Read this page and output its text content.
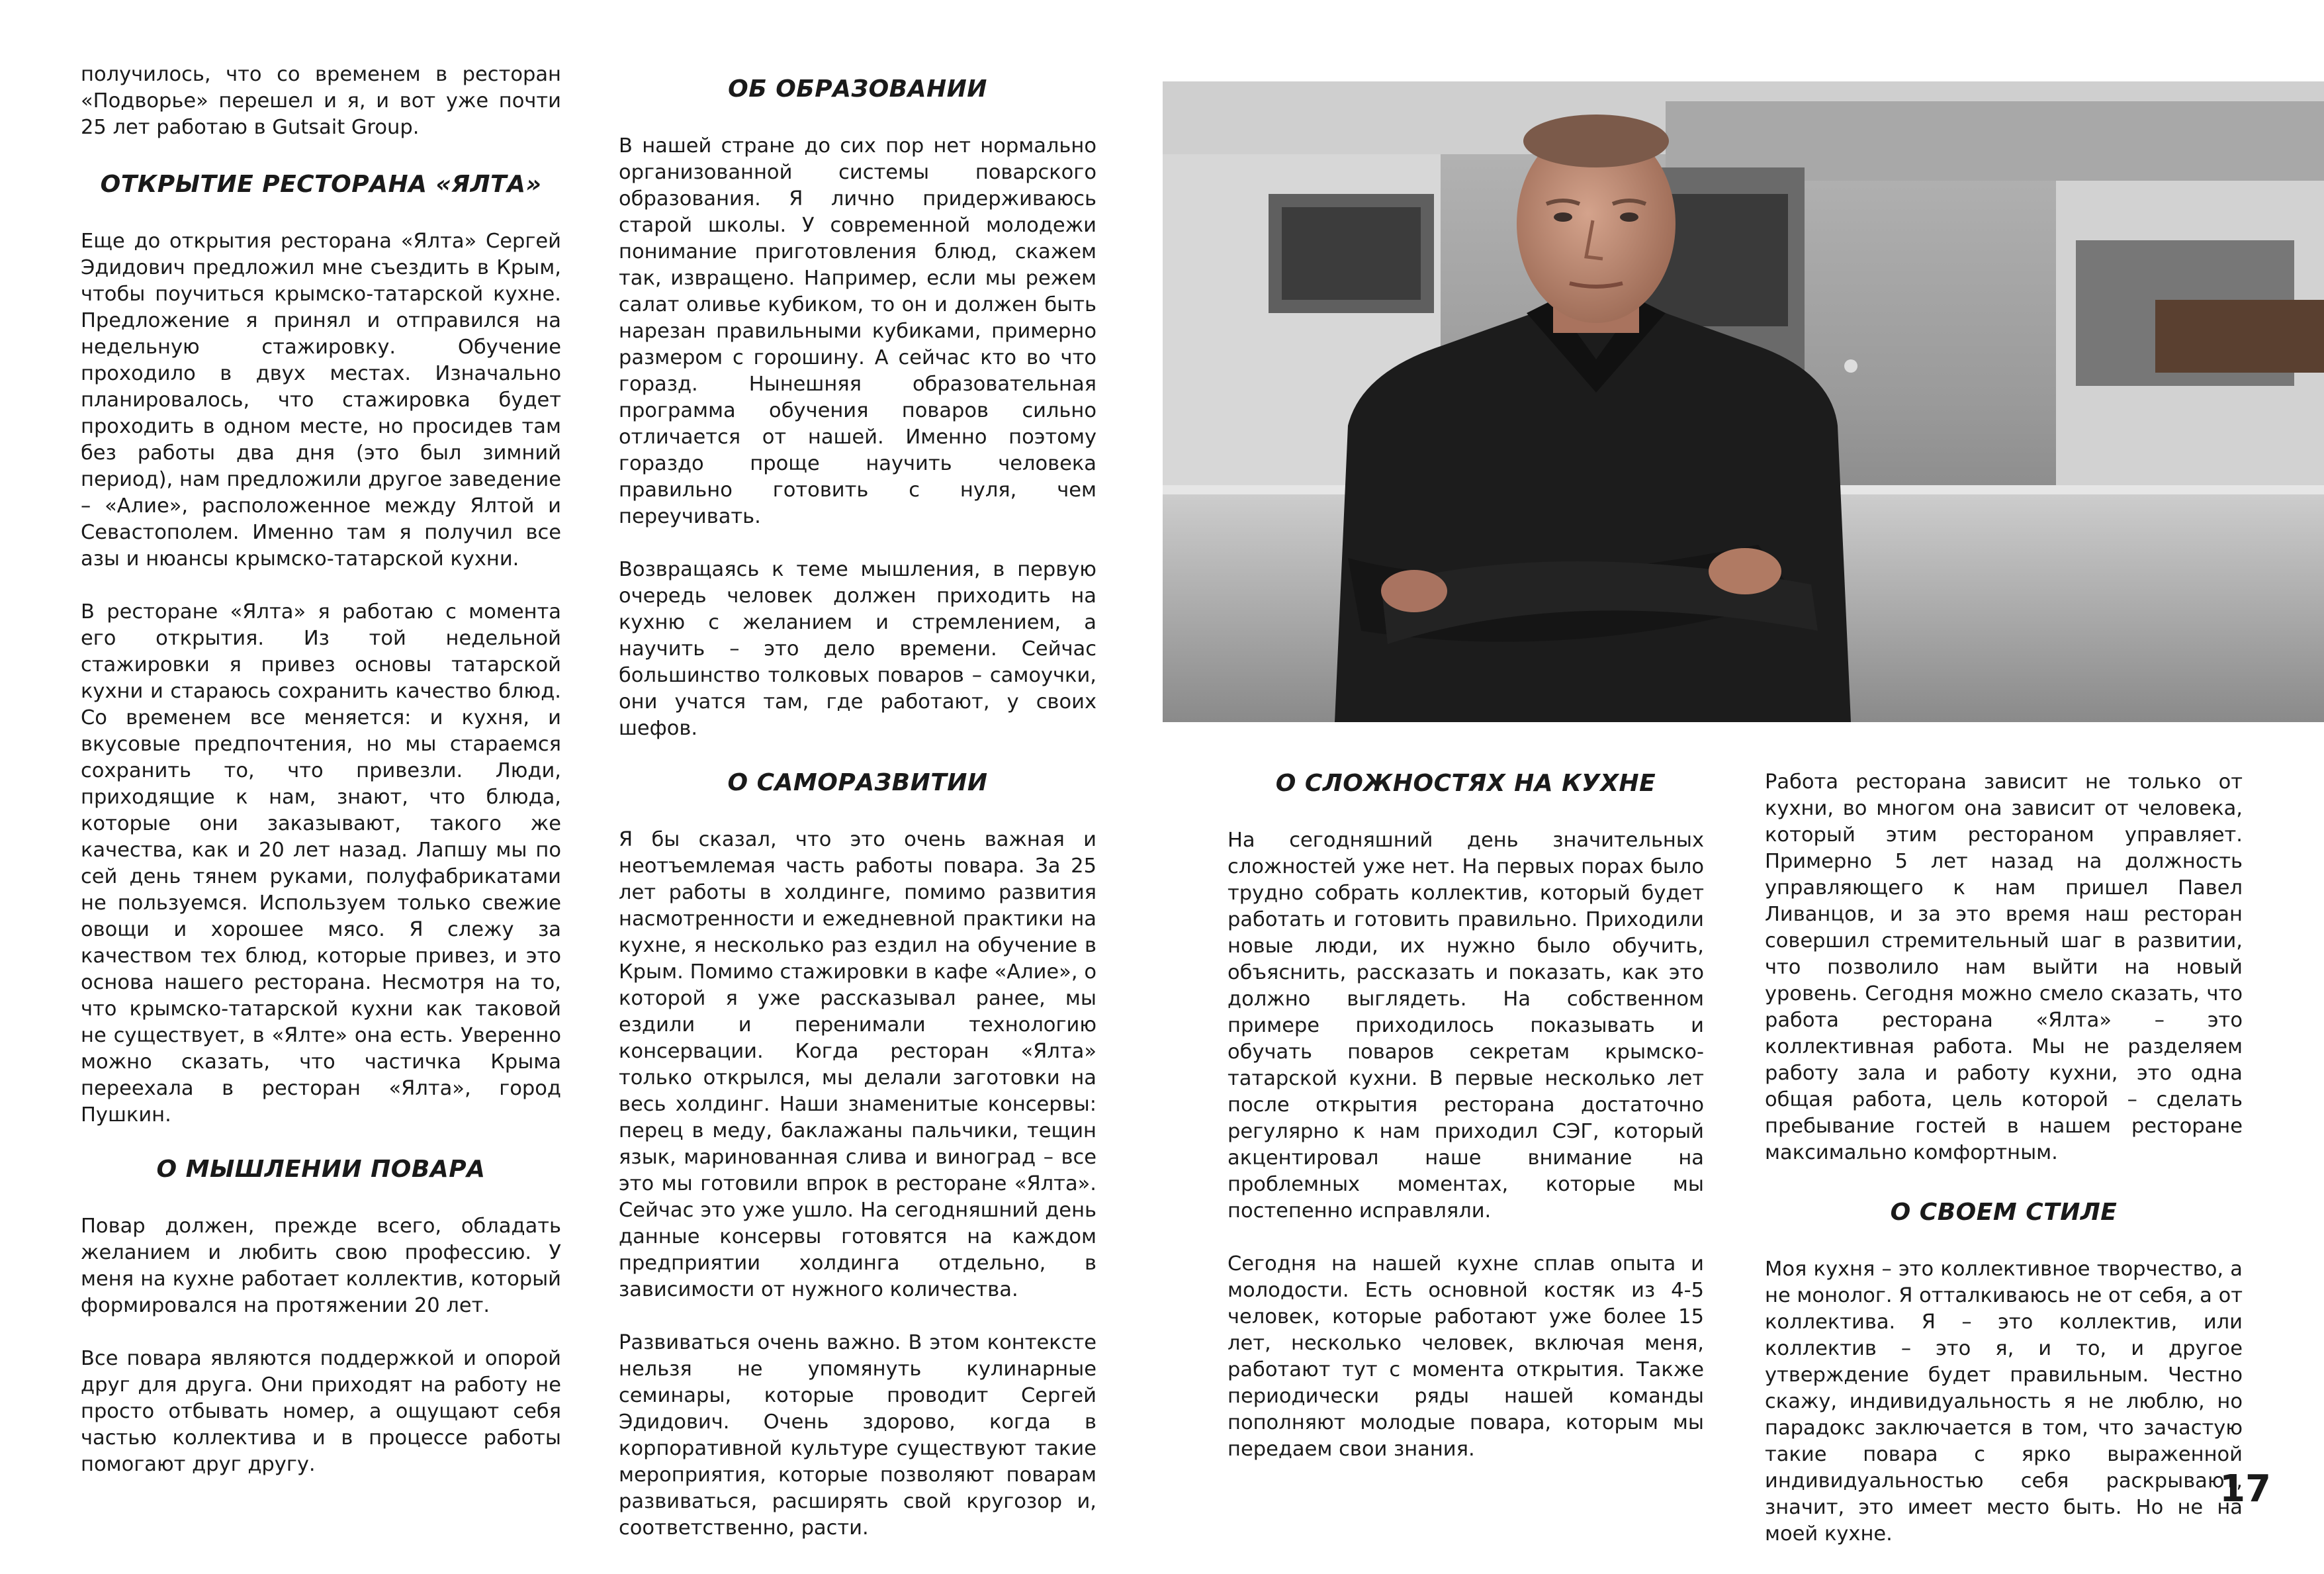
получилось, что со временем в ресторан «Подворье» перешел и я, и вот уже почти 25 лет работаю в Gutsait Group.

ОТКРЫТИЕ РЕСТОРАНА «ЯЛТА»

Еще до открытия ресторана «Ялта» Сергей Эдидович предложил мне съездить в Крым, чтобы поучиться крымско-татарской кухне. Предложение я принял и отправился на недельную стажировку. Обучение проходило в двух местах. Изначально планировалось, что стажировка будет проходить в одном месте, но просидев там без работы два дня (это был зимний период), нам предложили другое заведение – «Алие», расположенное между Ялтой и Севастополем. Именно там я получил все азы и нюансы крымско-татарской кухни.

В ресторане «Ялта» я работаю с момента его открытия. Из той недельной стажировки я привез основы татарской кухни и стараюсь сохранить качество блюд. Со временем все меняется: и кухня, и вкусовые предпочтения, но мы стараемся сохранить то, что привезли. Люди, приходящие к нам, знают, что блюда, которые они заказывают, такого же качества, как и 20 лет назад. Лапшу мы по сей день тянем руками, полуфабрикатами не пользуемся. Используем только свежие овощи и хорошее мясо. Я слежу за качеством тех блюд, которые привез, и это основа нашего ресторана. Несмотря на то, что крымско-татарской кухни как таковой не существует, в «Ялте» она есть. Уверенно можно сказать, что частичка Крыма переехала в ресторан «Ялта», город Пушкин.

О МЫШЛЕНИИ ПОВАРА

Повар должен, прежде всего, обладать желанием и любить свою профессию. У меня на кухне работает коллектив, который формировался на протяжении 20 лет.

Все повара являются поддержкой и опорой друг для друга. Они приходят на работу не просто отбывать номер, а ощущают себя частью коллектива и в процессе работы помогают друг другу.

ОБ ОБРАЗОВАНИИ

В нашей стране до сих пор нет нормально организованной системы поварского образования. Я лично придерживаюсь старой школы. У современной молодежи понимание приготовления блюд, скажем так, извращено. Например, если мы режем салат оливье кубиком, то он и должен быть нарезан правильными кубиками, примерно размером с горошину. А сейчас кто во что горазд. Нынешняя образовательная программа обучения поваров сильно отличается от нашей. Именно поэтому гораздо проще научить человека правильно готовить с нуля, чем переучивать.

Возвращаясь к теме мышления, в первую очередь человек должен приходить на кухню с желанием и стремлением, а научить – это дело времени. Сейчас большинство толковых поваров – самоучки, они учатся там, где работают, у своих шефов.

О САМОРАЗВИТИИ

Я бы сказал, что это очень важная и неотъемлемая часть работы повара. За 25 лет работы в холдинге, помимо развития насмотренности и ежедневной практики на кухне, я несколько раз ездил на обучение в Крым. Помимо стажировки в кафе «Алие», о которой я уже рассказывал ранее, мы ездили и перенимали технологию консервации. Когда ресторан «Ялта» только открылся, мы делали заготовки на весь холдинг. Наши знаменитые консервы: перец в меду, баклажаны пальчики, тещин язык, маринованная слива и виноград – все это мы готовили впрок в ресторане «Ялта». Сейчас это уже ушло. На сегодняшний день данные консервы готовятся на каждом предприятии холдинга отдельно, в зависимости от нужного количества.

Развиваться очень важно. В этом контексте нельзя не упомянуть кулинарные семинары, которые проводит Сергей Эдидович. Очень здорово, когда в корпоративной культуре существуют такие мероприятия, которые позволяют поварам развиваться, расширять свой кругозор и, соответственно, расти.

О СЛОЖНОСТЯХ НА КУХНЕ

На сегодняшний день значительных сложностей уже нет. На первых порах было трудно собрать коллектив, который будет работать и готовить правильно. Приходили новые люди, их нужно было обучить, объяснить, рассказать и показать, как это должно выглядеть. На собственном примере приходилось показывать и обучать поваров секретам крымско-татарской кухни. В первые несколько лет после открытия ресторана достаточно регулярно к нам приходил СЭГ, который акцентировал наше внимание на проблемных моментах, которые мы постепенно исправляли.

Сегодня на нашей кухне сплав опыта и молодости. Есть основной костяк из 4-5 человек, которые работают уже более 15 лет, несколько человек, включая меня, работают тут с момента открытия. Также периодически ряды нашей команды пополняют молодые повара, которым мы передаем свои знания.

Работа ресторана зависит не только от кухни, во многом она зависит от человека, который этим рестораном управляет. Примерно 5 лет назад на должность управляющего к нам пришел Павел Ливанцов, и за это время наш ресторан совершил стремительный шаг в развитии, что позволило нам выйти на новый уровень. Сегодня можно смело сказать, что работа ресторана «Ялта» – это коллективная работа. Мы не разделяем работу зала и работу кухни, это одна общая работа, цель которой – сделать пребывание гостей в нашем ресторане максимально комфортным.

О СВОЕМ СТИЛЕ

Моя кухня – это коллективное творчество, а не монолог. Я отталкиваюсь не от себя, а от коллектива. Я – это коллектив, или коллектив – это я, и то, и другое утверждение будет правильным. Честно скажу, индивидуальность я не люблю, но парадокс заключается в том, что зачастую такие повара с ярко выраженной индивидуальностью себя раскрывают, значит, это имеет место быть. Но не на моей кухне.

17
